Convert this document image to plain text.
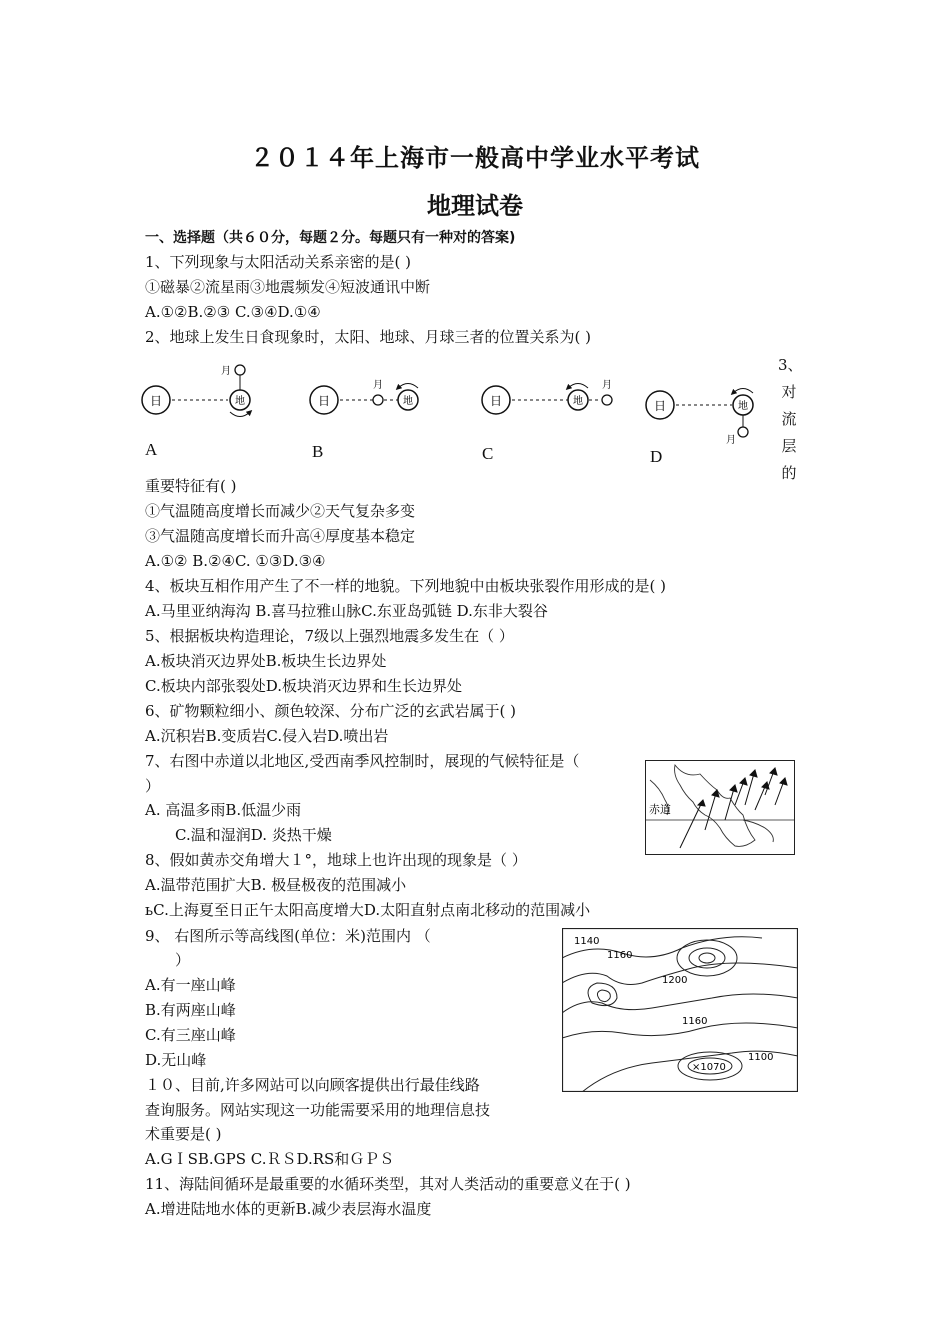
２０１４年上海市一般高中学业水平考试
地理试卷
一、选择题（共６０分，每题２分。每题只有一种对的答案)
1、下列现象与太阳活动关系亲密的是( )
①磁暴②流星雨③地震频发④短波通讯中断
A.①②B.②③ C.③④D.①④
2、地球上发生日食现象时，太阳、地球、月球三者的位置关系为( )
日	地
月
日
月
地	日	地
月
日	地
月
A	B	C	D
3、
对
流
层
的
重要特征有( )
①气温随高度增长而减少②天气复杂多变
③气温随高度增长而升高④厚度基本稳定
A.①② B.②④C. ①③D.③④
4、板块互相作用产生了不一样的地貌。下列地貌中由板块张裂作用形成的是( )
A.马里亚纳海沟 B.喜马拉雅山脉C.东亚岛弧链 D.东非大裂谷
5、根据板块构造理论，7级以上强烈地震多发生在（ ）
A.板块消灭边界处B.板块生长边界处
C.板块内部张裂处D.板块消灭边界和生长边界处
6、矿物颗粒细小、颜色较深、分布广泛的玄武岩属于( )
A.沉积岩B.变质岩C.侵入岩D.喷出岩
7、右图中赤道以北地区,受西南季风控制时，展现的气候特征是（
）
A. 高温多雨B.低温少雨
C.温和湿润D. 炎热干燥
赤道
8、假如黄赤交角增大１°，地球上也许出现的现象是（ ）
A.温带范围扩大B. 极昼极夜的范围减小
ьC.上海夏至日正午太阳高度增大D.太阳直射点南北移动的范围减小
9、 右图所示等高线图(单位：米)范围内 （
）
A.有一座山峰
B.有两座山峰
C.有三座山峰
D.无山峰
1140
1160
1200
1160
1100
×1070
１０、目前,许多网站可以向顾客提供出行最佳线路
查询服务。网站实现这一功能需要采用的地理信息技
术重要是( )
A.GＩSB.GPS C.ＲＳD.RS和ＧＰＳ
11、海陆间循环是最重要的水循环类型，其对人类活动的重要意义在于( )
A.增进陆地水体的更新B.减少表层海水温度
